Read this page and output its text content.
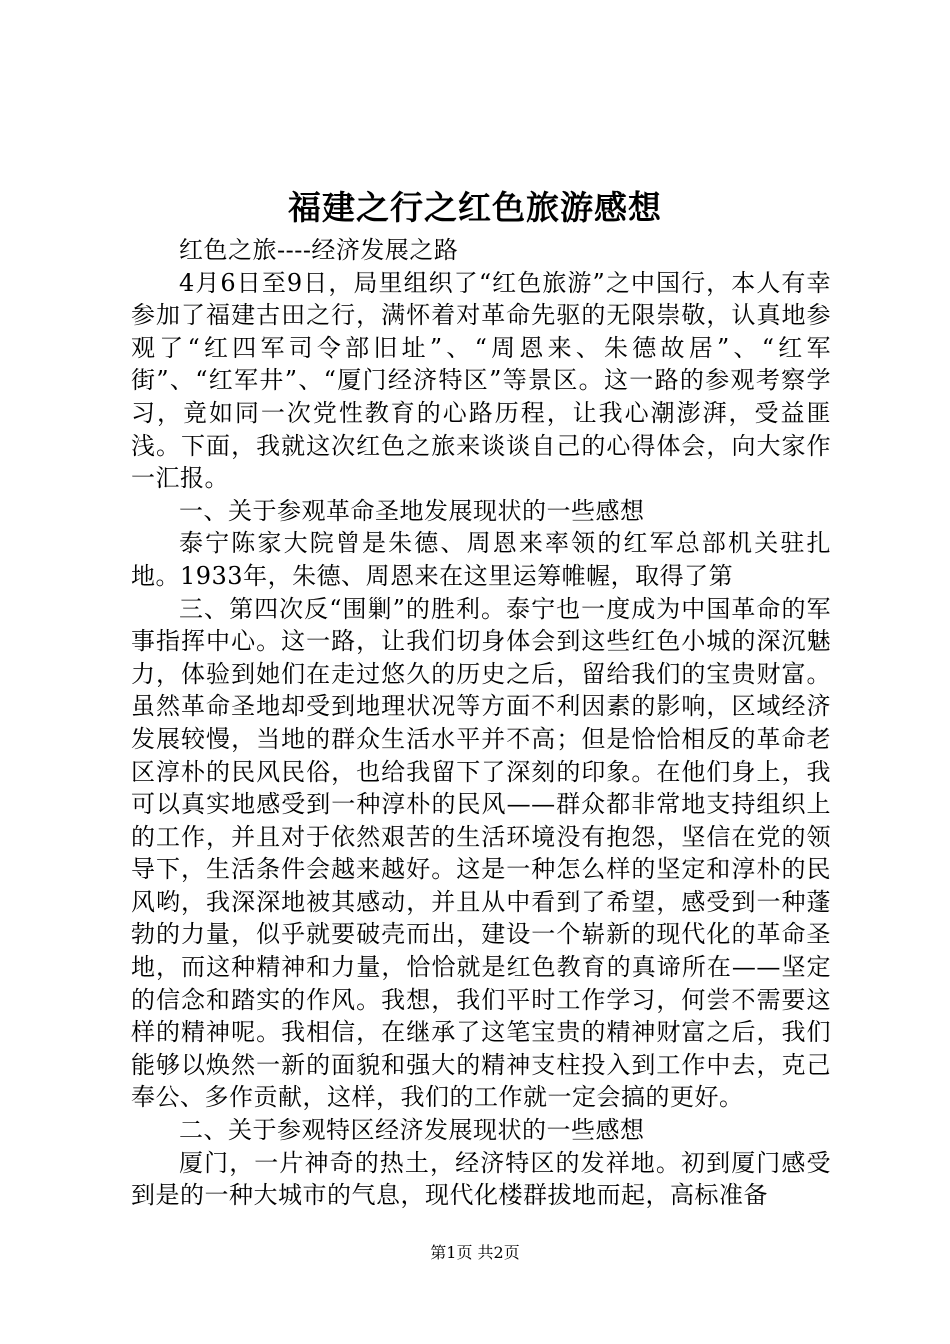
福建之行之红色旅游感想

红色之旅----经济发展之路

4月6日至9日，局里组织了“红色旅游”之中国行，本人有幸参加了福建古田之行，满怀着对革命先驱的无限崇敬，认真地参观了“红四军司令部旧址”、“周恩来、朱德故居”、“红军街”、“红军井”、“厦门经济特区”等景区。这一路的参观考察学习，竟如同一次党性教育的心路历程，让我心潮澎湃，受益匪浅。下面，我就这次红色之旅来谈谈自己的心得体会，向大家作一汇报。

一、关于参观革命圣地发展现状的一些感想

泰宁陈家大院曾是朱德、周恩来率领的红军总部机关驻扎地。1933年，朱德、周恩来在这里运筹帷幄，取得了第

三、第四次反“围剿”的胜利。泰宁也一度成为中国革命的军事指挥中心。这一路，让我们切身体会到这些红色小城的深沉魅力，体验到她们在走过悠久的历史之后，留给我们的宝贵财富。虽然革命圣地却受到地理状况等方面不利因素的影响，区域经济发展较慢，当地的群众生活水平并不高；但是恰恰相反的革命老区淳朴的民风民俗，也给我留下了深刻的印象。在他们身上，我可以真实地感受到一种淳朴的民风——群众都非常地支持组织上的工作，并且对于依然艰苦的生活环境没有抱怨，坚信在党的领导下，生活条件会越来越好。这是一种怎么样的坚定和淳朴的民风哟，我深深地被其感动，并且从中看到了希望，感受到一种蓬勃的力量，似乎就要破壳而出，建设一个崭新的现代化的革命圣地，而这种精神和力量，恰恰就是红色教育的真谛所在——坚定的信念和踏实的作风。我想，我们平时工作学习，何尝不需要这样的精神呢。我相信，在继承了这笔宝贵的精神财富之后，我们能够以焕然一新的面貌和强大的精神支柱投入到工作中去，克己奉公、多作贡献，这样，我们的工作就一定会搞的更好。

二、关于参观特区经济发展现状的一些感想

厦门，一片神奇的热土，经济特区的发祥地。初到厦门感受到是的一种大城市的气息，现代化楼群拔地而起，高标准备

第1页 共2页
